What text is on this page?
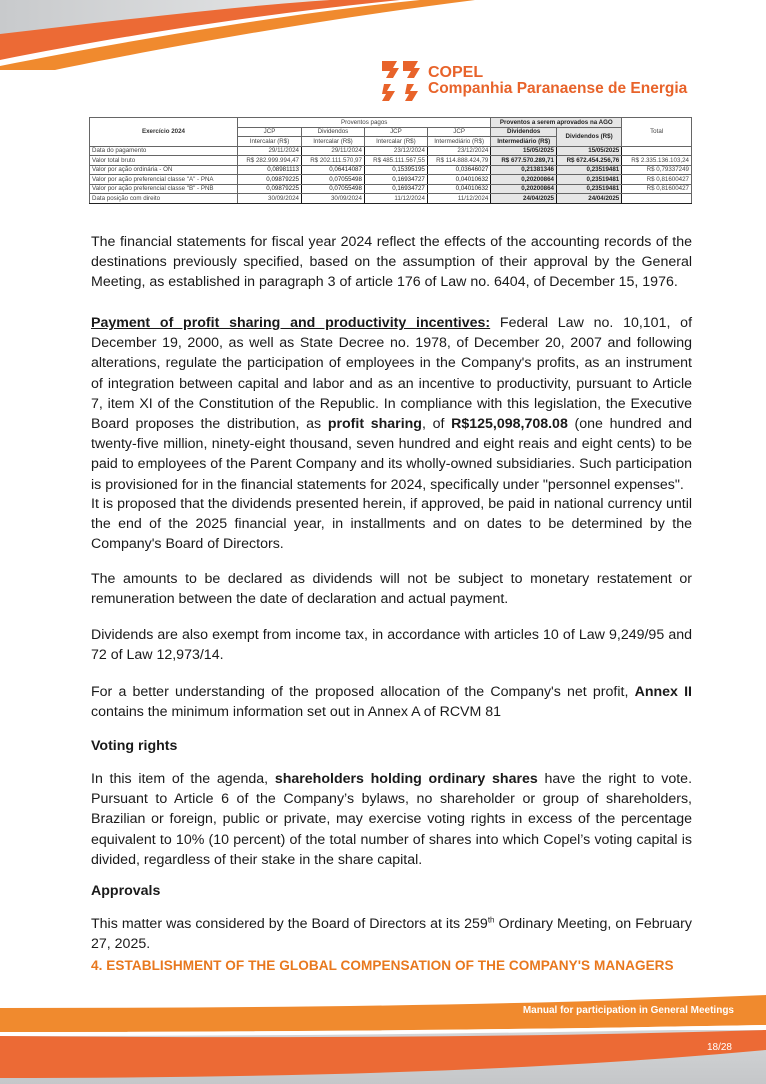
COPEL
Companhia Paranaense de Energia
Exercício 2024	Proventos pagos				Proventos a serem aprovados na AGO		Total
	JCP	Dividendos	JCP	JCP	Dividendos	Dividendos (R$)	
	Intercalar (R$)	Intercalar (R$)	Intercalar (R$)	Intermediário (R$)	Intermediário (R$)		
Data do pagamento	29/11/2024	29/11/2024	23/12/2024	23/12/2024	15/05/2025	15/05/2025	
Valor total bruto	R$ 282.999.994,47	R$ 202.111.570,97	R$ 485.111.567,55	R$ 114.888.424,79	R$ 677.570.289,71	R$ 672.454.256,76	R$ 2.335.136.103,24
Valor por ação ordinária - ON	0,08981113	0,06414087	0,15395195	0,03646027	0,21381346	0,23519481	R$ 0,79337249
Valor por ação preferencial classe "A" - PNA	0,09879225	0,07055498	0,16934727	0,04010632	0,20200864	0,23519481	R$ 0,81600427
Valor por ação preferencial classe "B" - PNB	0,09879225	0,07055498	0,16934727	0,04010632	0,20200864	0,23519481	R$ 0,81600427
Data posição com direito	30/09/2024	30/09/2024	11/12/2024	11/12/2024	24/04/2025	24/04/2025	

The financial statements for fiscal year 2024 reflect the effects of the accounting records of the destinations previously specified, based on the assumption of their approval by the General Meeting, as established in paragraph 3 of article 176 of Law no. 6404, of December 15, 1976.

Payment of profit sharing and productivity incentives: Federal Law no. 10,101, of December 19, 2000, as well as State Decree no. 1978, of December 20, 2007 and following alterations, regulate the participation of employees in the Company's profits, as an instrument of integration between capital and labor and as an incentive to productivity, pursuant to Article 7, item XI of the Constitution of the Republic. In compliance with this legislation, the Executive Board proposes the distribution, as profit sharing, of R$125,098,708.08 (one hundred and twenty-five million, ninety-eight thousand, seven hundred and eight reais and eight cents) to be paid to employees of the Parent Company and its wholly-owned subsidiaries. Such participation is provisioned for in the financial statements for 2024, specifically under "personnel expenses".

It is proposed that the dividends presented herein, if approved, be paid in national currency until the end of the 2025 financial year, in installments and on dates to be determined by the Company's Board of Directors.

The amounts to be declared as dividends will not be subject to monetary restatement or remuneration between the date of declaration and actual payment.

Dividends are also exempt from income tax, in accordance with articles 10 of Law 9,249/95 and 72 of Law 12,973/14.

For a better understanding of the proposed allocation of the Company's net profit, Annex II contains the minimum information set out in Annex A of RCVM 81

Voting rights

In this item of the agenda, shareholders holding ordinary shares have the right to vote. Pursuant to Article 6 of the Company’s bylaws, no shareholder or group of shareholders, Brazilian or foreign, public or private, may exercise voting rights in excess of the percentage equivalent to 10% (10 percent) of the total number of shares into which Copel’s voting capital is divided, regardless of their stake in the share capital.

Approvals

This matter was considered by the Board of Directors at its 259th Ordinary Meeting, on February 27, 2025.

4. ESTABLISHMENT OF THE GLOBAL COMPENSATION OF THE COMPANY'S MANAGERS
Manual for participation in General Meetings
18/28
